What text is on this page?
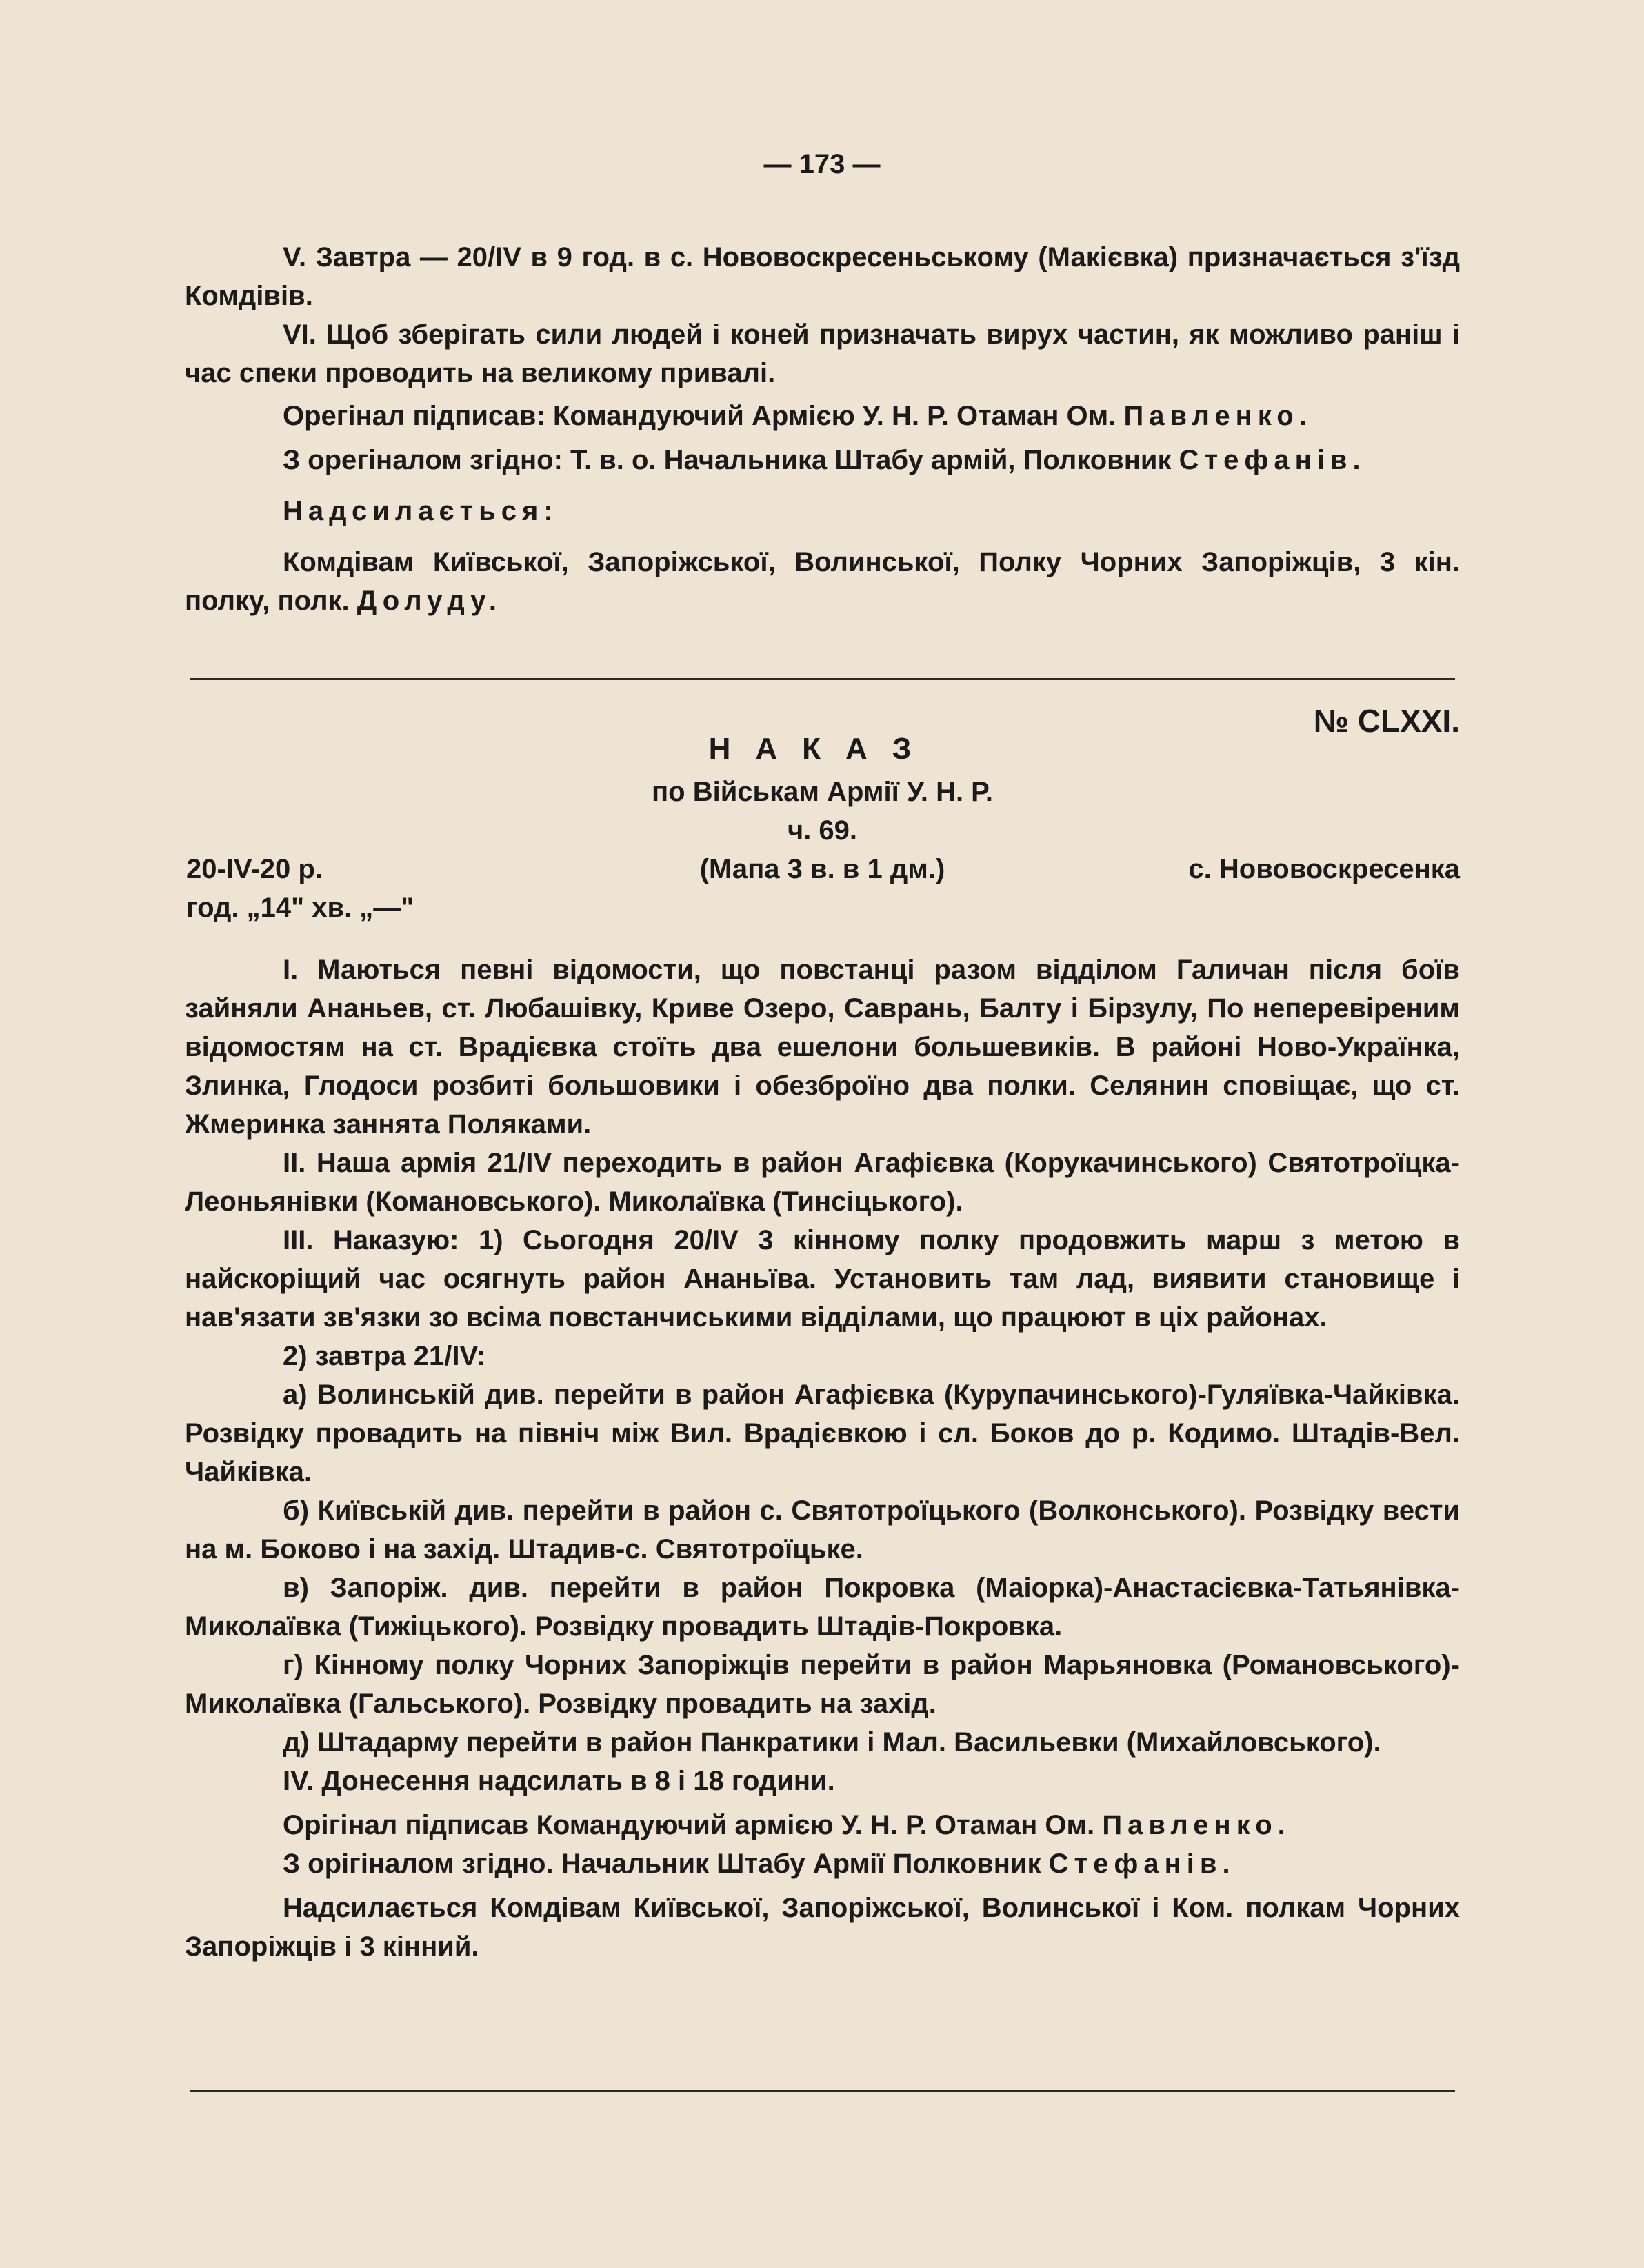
— 173 —

V. Завтра — 20/IV в 9 год. в с. Нововоскресеньському (Макієвка) призначається з'їзд Комдівів.

VI. Щоб зберігать сили людей і коней призначать вирух частин, як можливо раніш і час спеки проводить на великому привалі.

Орегінал підписав: Командуючий Армією У. Н. Р. Отаман Ом. Павленко.

З орегіналом згідно: Т. в. о. Начальника Штабу армій, Полковник Стефанів.

Надсилається:

Комдівам Київської, Запоріжської, Волинської, Полку Чорних Запоріжців, 3 кін. полку, полк. Долуду.

№ CLXXI.
НАКАЗ
по Військам Армії У. Н. Р.
ч. 69.
(Мапа 3 в. в 1 дм.)
20-IV-20 р.	с. Нововоскресенка
год. „14" хв. „—"

I. Маються певні відомости, що повстанці разом відділом Галичан після боїв зайняли Ананьев, ст. Любашівку, Криве Озеро, Саврань, Балту і Бірзулу, По неперевіреним відомостям на ст. Врадієвка стоїть два ешелони большевиків. В районі Ново-Українка, Злинка, Глодоси розбиті большовики і обезброїно два полки. Селянин сповіщає, що ст. Жмеринка заннята Поляками.

II. Наша армія 21/IV переходить в район Агафієвка (Корукачинського) Святотроїцка-Леоньянівки (Комановського). Миколаївка (Тинсіцького).

III. Наказую: 1) Сьогодня 20/IV 3 кінному полку продовжить марш з метою в найскоріщий час осягнуть район Ананьїва. Установить там лад, виявити становище і нав'язати зв'язки зо всіма повстанчиськими відділами, що працюют в ціх районах.

2) завтра 21/IV:

а) Волинській див. перейти в район Агафієвка (Курупачинського)-Гуляївка-Чайківка. Розвідку провадить на північ між Вил. Врадієвкою і сл. Боков до р. Кодимо. Штадів-Вел. Чайківка.

б) Київській див. перейти в район с. Святотроїцького (Волконського). Розвідку вести на м. Боково і на захід. Штадив-с. Святотроїцьке.

в) Запоріж. див. перейти в район Покровка (Маіорка)-Анастасієвка-Татьянівка-Миколаївка (Тижіцького). Розвідку провадить Штадів-Покровка.

г) Кінному полку Чорних Запоріжців перейти в район Марьяновка (Романовського)-Миколаївка (Гальського). Розвідку провадить на захід.

д) Штадарму перейти в район Панкратики і Мал. Васильевки (Михайловського).

IV. Донесення надсилать в 8 і 18 години.

Орігінал підписав Командуючий армією У. Н. Р. Отаман Ом. Павленко.

З орігіналом згідно. Начальник Штабу Армії Полковник Стефанів.

Надсилається Комдівам Київської, Запоріжської, Волинської і Ком. полкам Чорних Запоріжців і 3 кінний.
